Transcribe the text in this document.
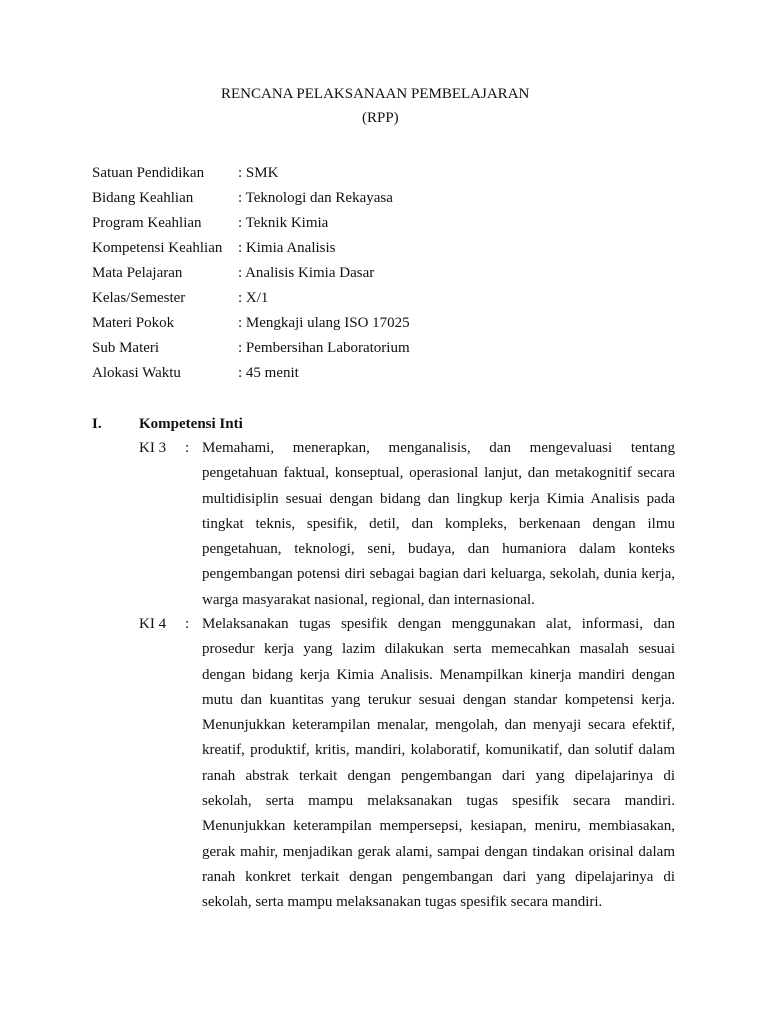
RENCANA PELAKSANAAN PEMBELAJARAN
(RPP)
Satuan Pendidikan : SMK
Bidang Keahlian	: Teknologi dan Rekayasa
Program Keahlian : Teknik Kimia
Kompetensi Keahlian : Kimia Analisis
Mata Pelajaran	: Analisis Kimia Dasar
Kelas/Semester	: X/1
Materi Pokok	: Mengkaji ulang ISO 17025
Sub Materi	: Pembersihan Laboratorium
Alokasi Waktu	: 45 menit
I. Kompetensi Inti
KI 3 : Memahami, menerapkan, menganalisis, dan mengevaluasi tentang pengetahuan faktual, konseptual, operasional lanjut, dan metakognitif secara multidisiplin sesuai dengan bidang dan lingkup kerja Kimia Analisis pada tingkat teknis, spesifik, detil, dan kompleks, berkenaan dengan ilmu pengetahuan, teknologi, seni, budaya, dan humaniora dalam konteks pengembangan potensi diri sebagai bagian dari keluarga, sekolah, dunia kerja, warga masyarakat nasional, regional, dan internasional.
KI 4 : Melaksanakan tugas spesifik dengan menggunakan alat, informasi, dan prosedur kerja yang lazim dilakukan serta memecahkan masalah sesuai dengan bidang kerja Kimia Analisis. Menampilkan kinerja mandiri dengan mutu dan kuantitas yang terukur sesuai dengan standar kompetensi kerja. Menunjukkan keterampilan menalar, mengolah, dan menyaji secara efektif, kreatif, produktif, kritis, mandiri, kolaboratif, komunikatif, dan solutif dalam ranah abstrak terkait dengan pengembangan dari yang dipelajarinya di sekolah, serta mampu melaksanakan tugas spesifik secara mandiri. Menunjukkan keterampilan mempersepsi, kesiapan, meniru, membiasakan, gerak mahir, menjadikan gerak alami, sampai dengan tindakan orisinal dalam ranah konkret terkait dengan pengembangan dari yang dipelajarinya di sekolah, serta mampu melaksanakan tugas spesifik secara mandiri.
